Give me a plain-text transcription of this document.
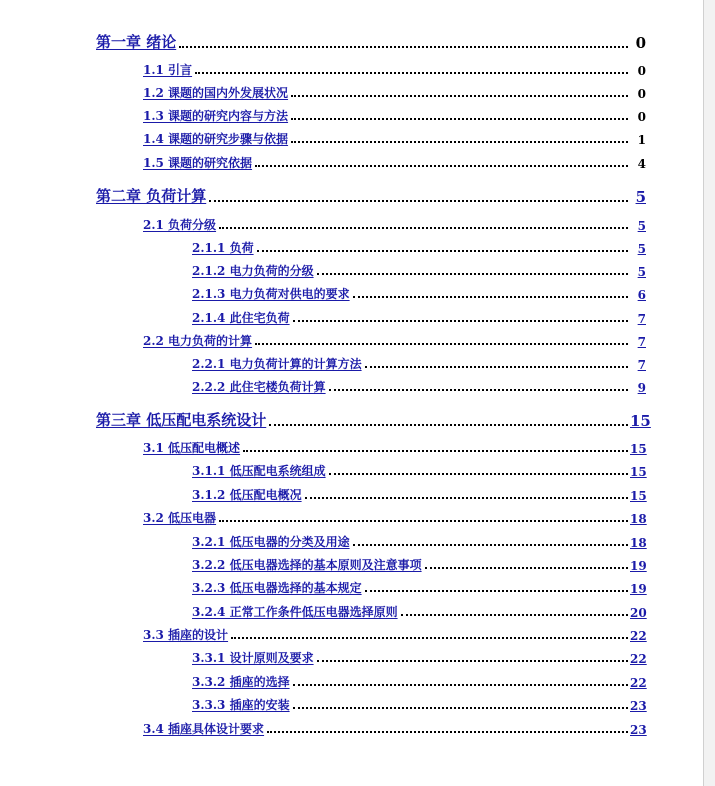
第一章 绪论	0
1.1 引言	0
1.2 课题的国内外发展状况	0
1.3 课题的研究内容与方法	0
1.4 课题的研究步骤与依据	1
1.5 课题的研究依据	4
第二章 负荷计算	5
2.1 负荷分级	5
2.1.1 负荷	5
2.1.2 电力负荷的分级	5
2.1.3 电力负荷对供电的要求	6
2.1.4 此住宅负荷	7
2.2 电力负荷的计算	7
2.2.1 电力负荷计算的计算方法	7
2.2.2 此住宅楼负荷计算	9
第三章 低压配电系统设计	15
3.1 低压配电概述	15
3.1.1 低压配电系统组成	15
3.1.2 低压配电概况	15
3.2 低压电器	18
3.2.1 低压电器的分类及用途	18
3.2.2 低压电器选择的基本原则及注意事项	19
3.2.3 低压电器选择的基本规定	19
3.2.4 正常工作条件低压电器选择原则	20
3.3 插座的设计	22
3.3.1 设计原则及要求	22
3.3.2 插座的选择	22
3.3.3 插座的安装	23
3.4 插座具体设计要求	23
